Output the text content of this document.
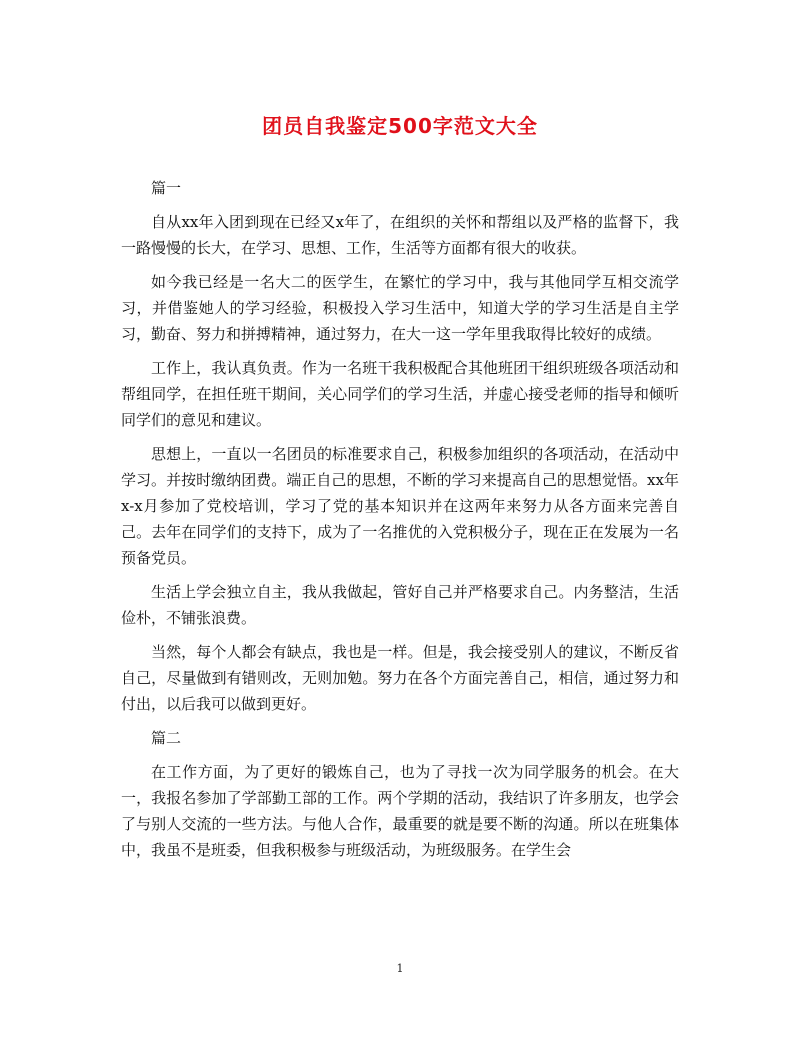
团员自我鉴定500字范文大全

篇一

自从xx年入团到现在已经又x年了，在组织的关怀和帮组以及严格的监督下，我一路慢慢的长大，在学习、思想、工作，生活等方面都有很大的收获。

如今我已经是一名大二的医学生，在繁忙的学习中，我与其他同学互相交流学习，并借鉴她人的学习经验，积极投入学习生活中，知道大学的学习生活是自主学习，勤奋、努力和拼搏精神，通过努力，在大一这一学年里我取得比较好的成绩。

工作上，我认真负责。作为一名班干我积极配合其他班团干组织班级各项活动和帮组同学，在担任班干期间，关心同学们的学习生活，并虚心接受老师的指导和倾听同学们的意见和建议。

思想上，一直以一名团员的标准要求自己，积极参加组织的各项活动，在活动中学习。并按时缴纳团费。端正自己的思想，不断的学习来提高自己的思想觉悟。xx年x-x月参加了党校培训，学习了党的基本知识并在这两年来努力从各方面来完善自己。去年在同学们的支持下，成为了一名推优的入党积极分子，现在正在发展为一名预备党员。

生活上学会独立自主，我从我做起，管好自己并严格要求自己。内务整洁，生活俭朴，不铺张浪费。

当然，每个人都会有缺点，我也是一样。但是，我会接受别人的建议，不断反省自己，尽量做到有错则改，无则加勉。努力在各个方面完善自己，相信，通过努力和付出，以后我可以做到更好。

篇二

在工作方面，为了更好的锻炼自己，也为了寻找一次为同学服务的机会。在大一，我报名参加了学部勤工部的工作。两个学期的活动，我结识了许多朋友，也学会了与别人交流的一些方法。与他人合作，最重要的就是要不断的沟通。所以在班集体中，我虽不是班委，但我积极参与班级活动，为班级服务。在学生会

1
